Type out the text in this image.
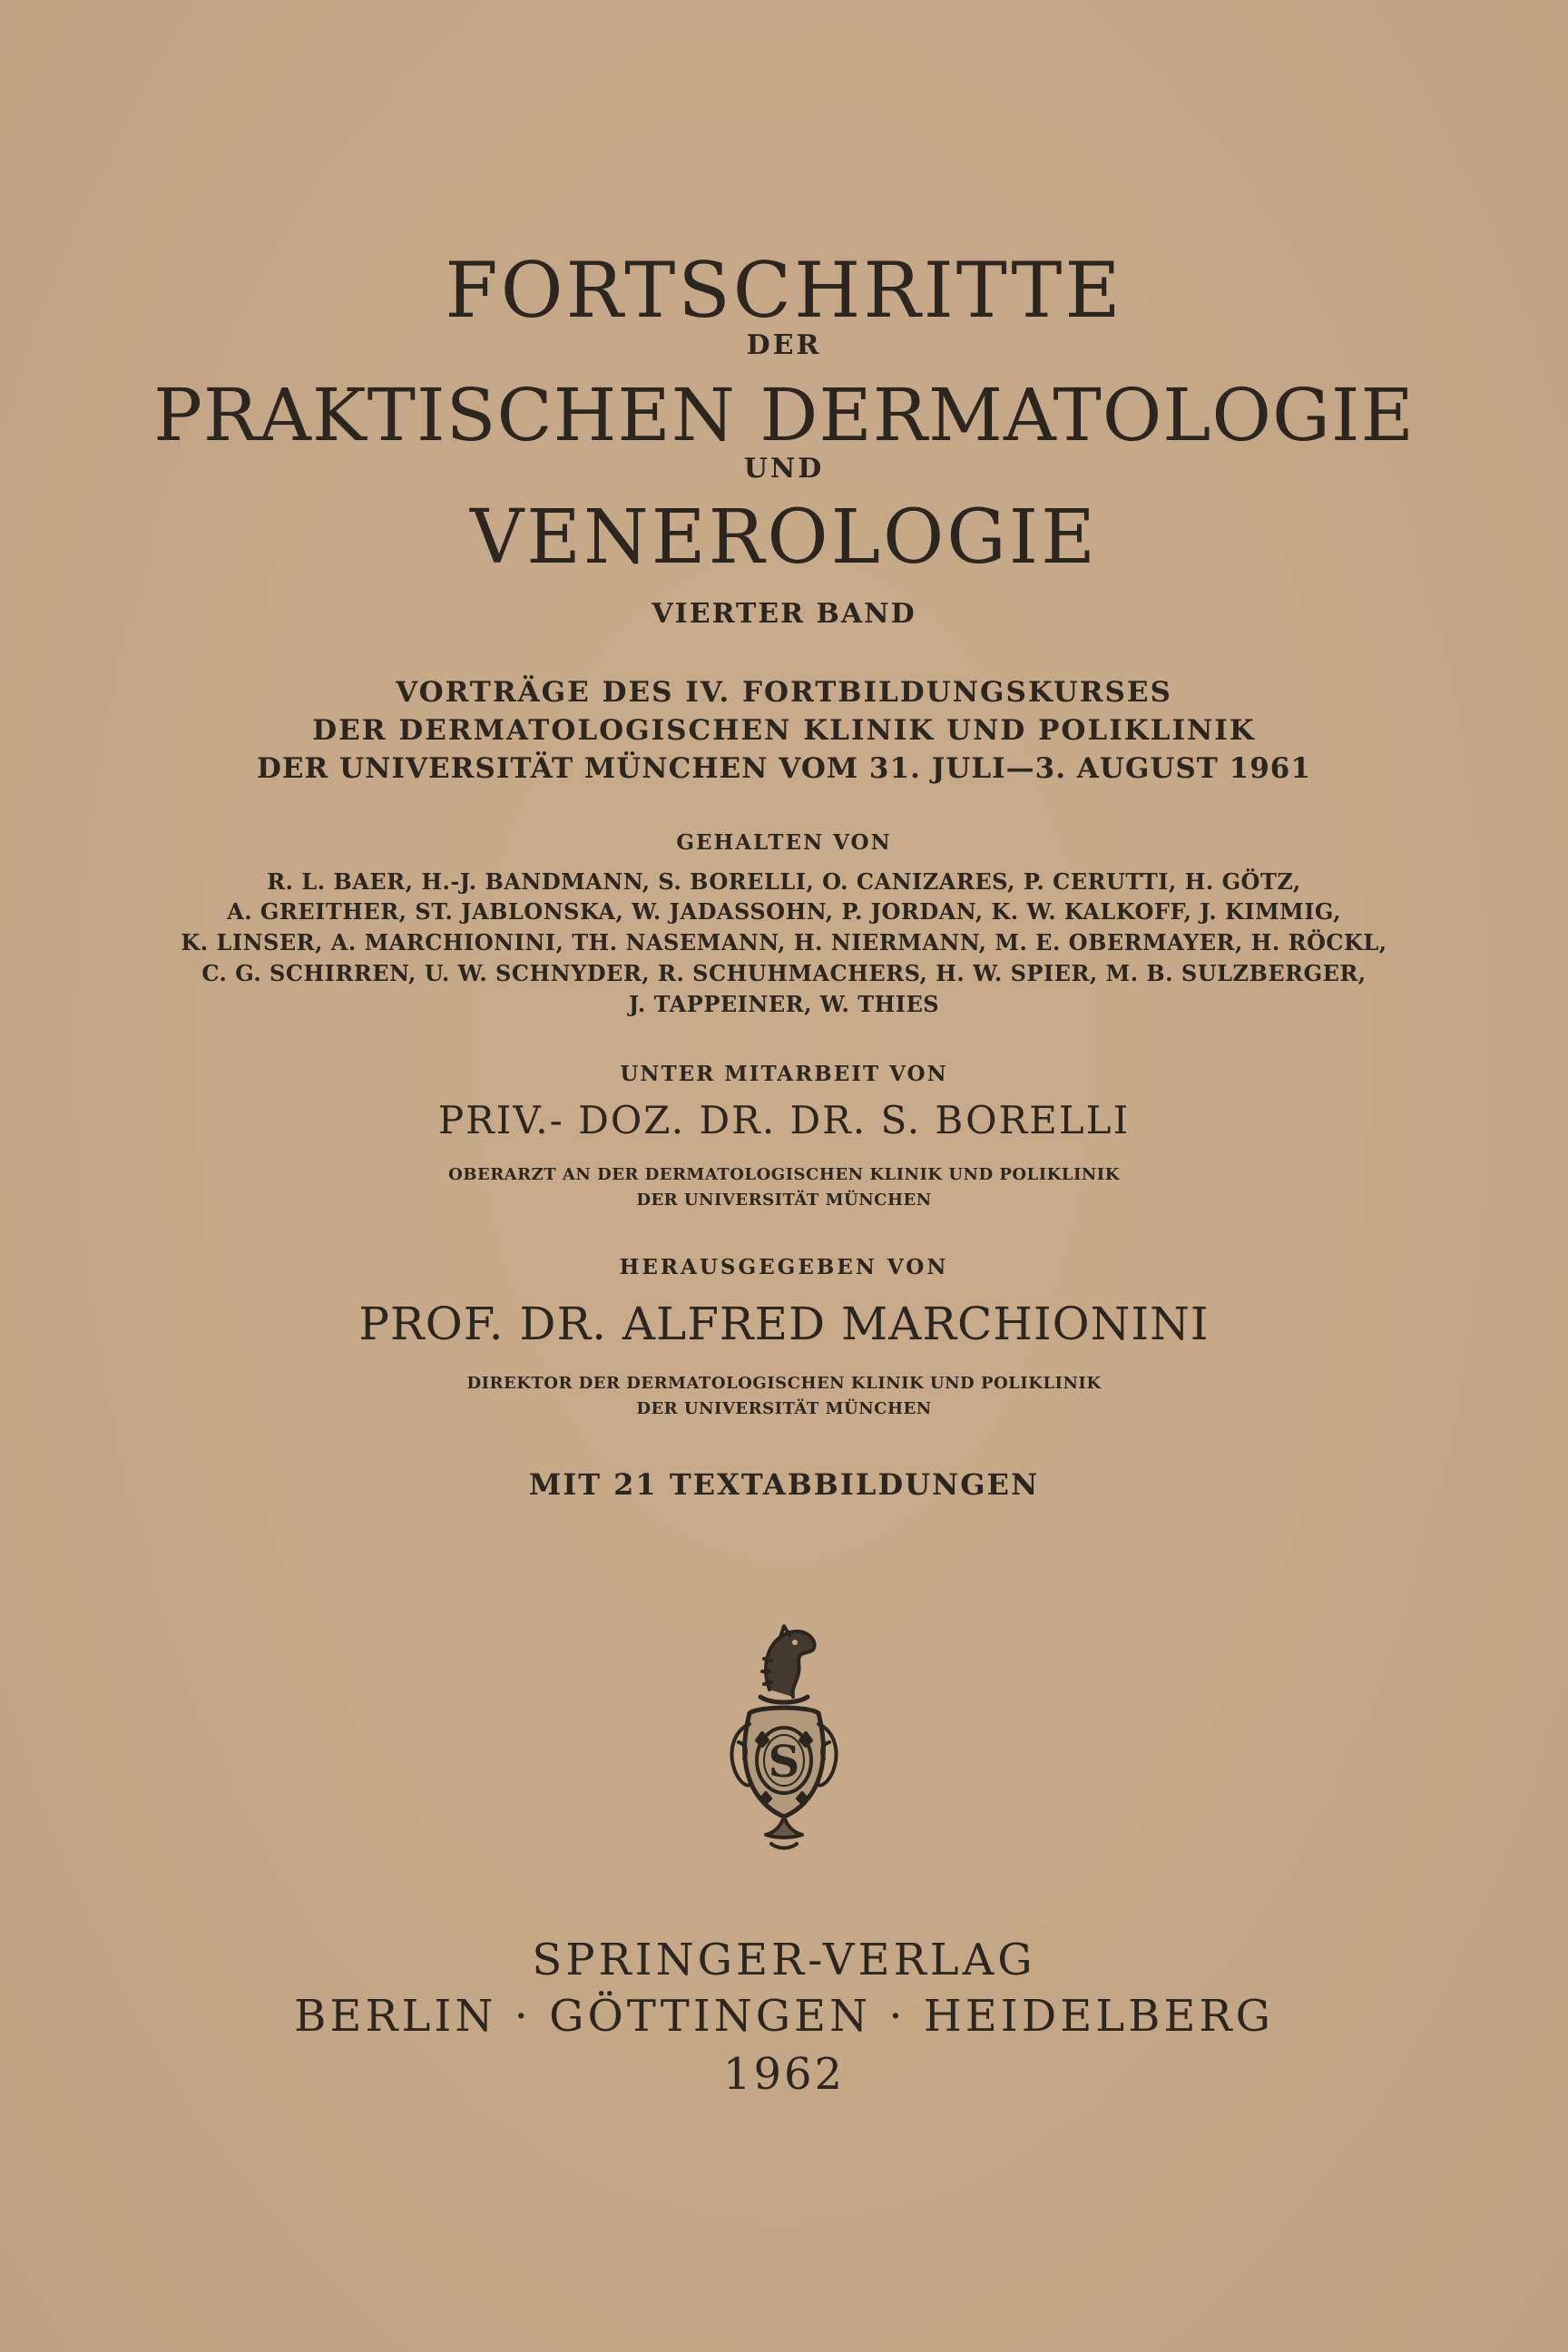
FORTSCHRITTE
DER
PRAKTISCHEN DERMATOLOGIE
UND
VENEROLOGIE
VIERTER BAND
VORTRÄGE DES IV. FORTBILDUNGSKURSES
DER DERMATOLOGISCHEN KLINIK UND POLIKLINIK
DER UNIVERSITÄT MÜNCHEN VOM 31. JULI—3. AUGUST 1961
GEHALTEN VON
R. L. BAER, H.-J. BANDMANN, S. BORELLI, O. CANIZARES, P. CERUTTI, H. GÖTZ,
A. GREITHER, ST. JABLONSKA, W. JADASSOHN, P. JORDAN, K. W. KALKOFF, J. KIMMIG,
K. LINSER, A. MARCHIONINI, TH. NASEMANN, H. NIERMANN, M. E. OBERMAYER, H. RÖCKL,
C. G. SCHIRREN, U. W. SCHNYDER, R. SCHUHMACHERS, H. W. SPIER, M. B. SULZBERGER,
J. TAPPEINER, W. THIES
UNTER MITARBEIT VON
PRIV.- DOZ. DR. DR. S. BORELLI
OBERARZT AN DER DERMATOLOGISCHEN KLINIK UND POLIKLINIK
DER UNIVERSITÄT MÜNCHEN
HERAUSGEGEBEN VON
PROF. DR. ALFRED MARCHIONINI
DIREKTOR DER DERMATOLOGISCHEN KLINIK UND POLIKLINIK
DER UNIVERSITÄT MÜNCHEN
MIT 21 TEXTABBILDUNGEN
S
SPRINGER-VERLAG
BERLIN · GÖTTINGEN · HEIDELBERG
1962
